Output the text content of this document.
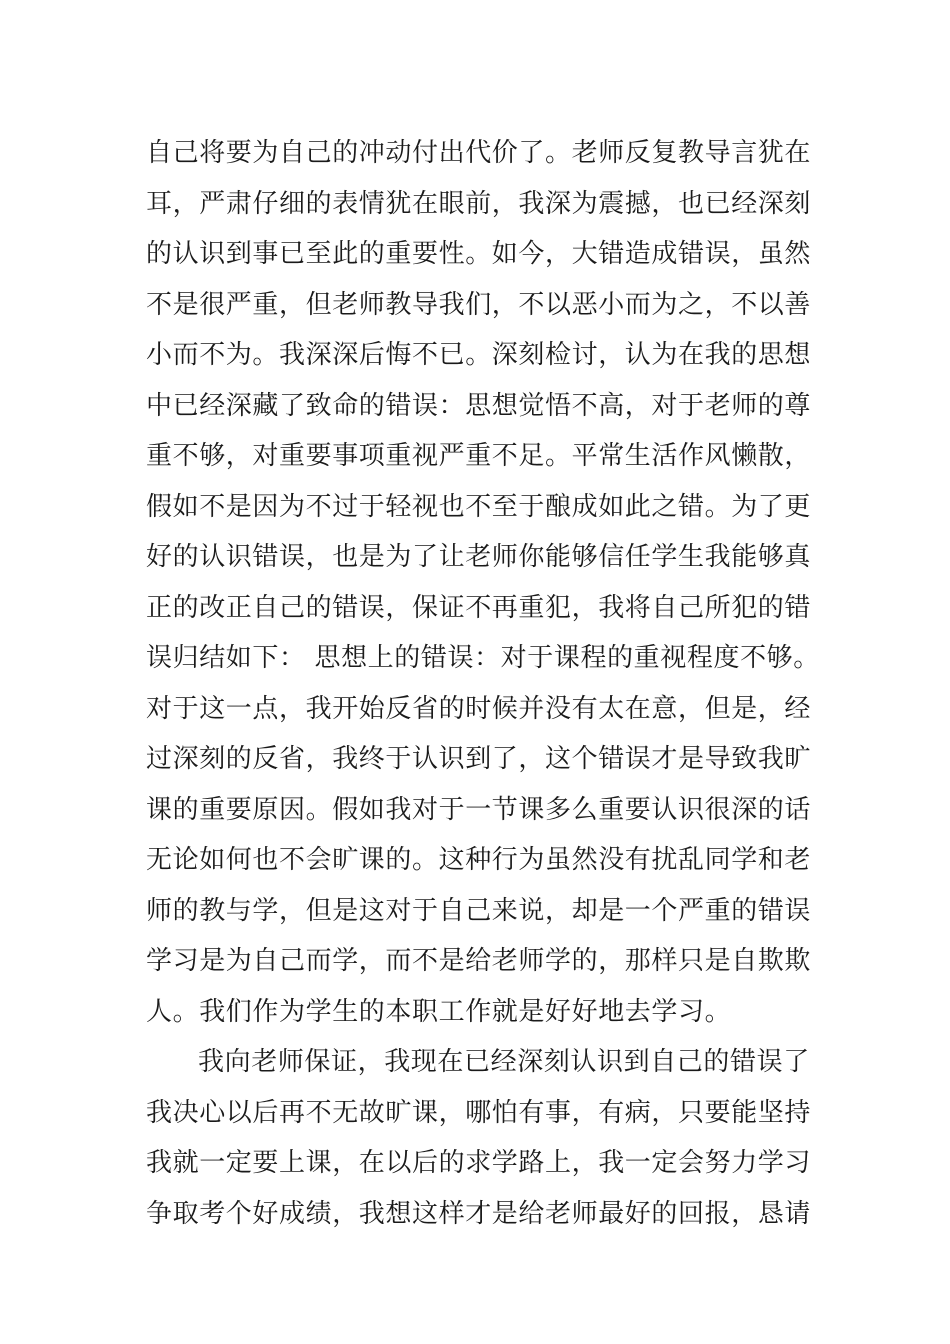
自己将要为自己的冲动付出代价了。老师反复教导言犹在
耳，严肃仔细的表情犹在眼前，我深为震撼，也已经深刻
的认识到事已至此的重要性。如今，大错造成错误，虽然
不是很严重，但老师教导我们，不以恶小而为之，不以善
小而不为。我深深后悔不已。深刻检讨，认为在我的思想
中已经深藏了致命的错误：思想觉悟不高，对于老师的尊
重不够，对重要事项重视严重不足。平常生活作风懒散，
假如不是因为不过于轻视也不至于酿成如此之错。为了更
好的认识错误，也是为了让老师你能够信任学生我能够真
正的改正自己的错误，保证不再重犯，我将自己所犯的错
误归结如下： 思想上的错误：对于课程的重视程度不够。
对于这一点，我开始反省的时候并没有太在意，但是，经
过深刻的反省，我终于认识到了，这个错误才是导致我旷
课的重要原因。假如我对于一节课多么重要认识很深的话
无论如何也不会旷课的。这种行为虽然没有扰乱同学和老
师的教与学，但是这对于自己来说，却是一个严重的错误
学习是为自己而学，而不是给老师学的，那样只是自欺欺
人。我们作为学生的本职工作就是好好地去学习。
我向老师保证，我现在已经深刻认识到自己的错误了
我决心以后再不无故旷课，哪怕有事，有病，只要能坚持
我就一定要上课，在以后的求学路上，我一定会努力学习
争取考个好成绩，我想这样才是给老师最好的回报，恳请
